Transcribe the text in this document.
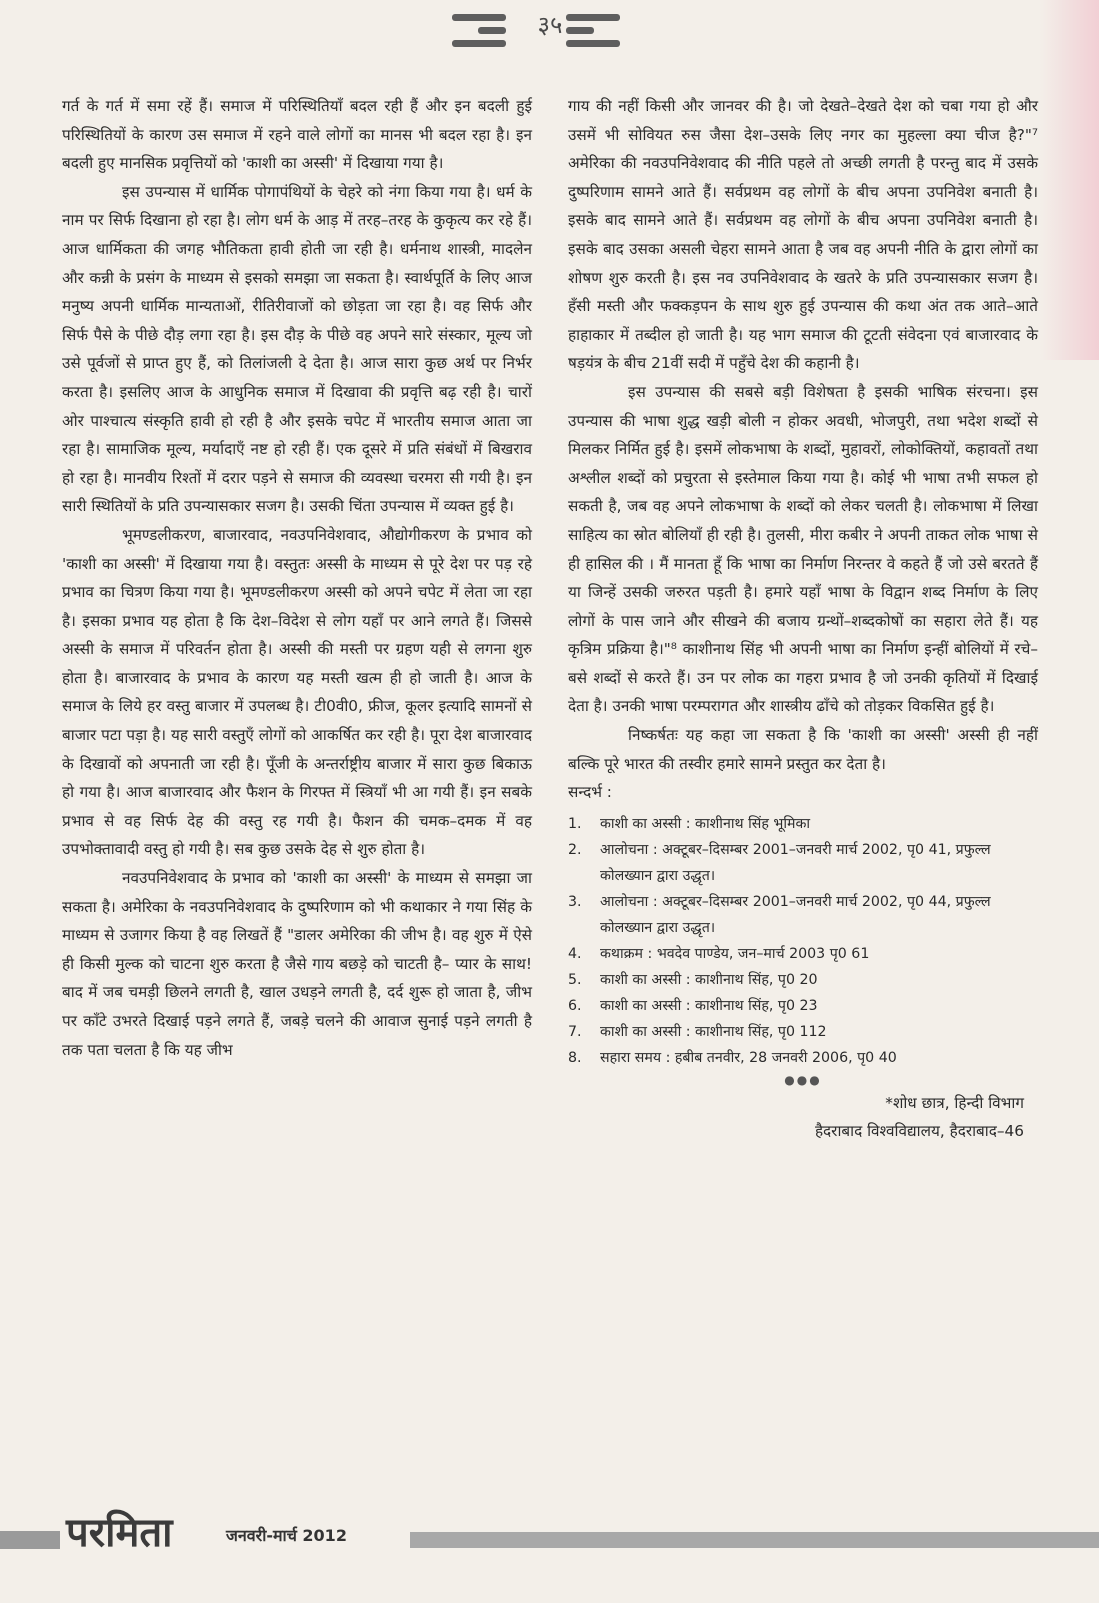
३५

गर्त के गर्त में समा रहें हैं। समाज में परिस्थितियाँ बदल रही हैं और इन बदली हुई परिस्थितियों के कारण उस समाज में रहने वाले लोगों का मानस भी बदल रहा है। इन बदली हुए मानसिक प्रवृत्तियों को 'काशी का अस्सी' में दिखाया गया है।

इस उपन्यास में धार्मिक पोगापंथियों के चेहरे को नंगा किया गया है। धर्म के नाम पर सिर्फ दिखाना हो रहा है। लोग धर्म के आड़ में तरह–तरह के कुकृत्य कर रहे हैं। आज धार्मिकता की जगह भौतिकता हावी होती जा रही है। धर्मनाथ शास्त्री, मादलेन और कन्नी के प्रसंग के माध्यम से इसको समझा जा सकता है। स्वार्थपूर्ति के लिए आज मनुष्य अपनी धार्मिक मान्यताओं, रीतिरीवाजों को छोड़ता जा रहा है। वह सिर्फ और सिर्फ पैसे के पीछे दौड़ लगा रहा है। इस दौड़ के पीछे वह अपने सारे संस्कार, मूल्य जो उसे पूर्वजों से प्राप्त हुए हैं, को तिलांजली दे देता है। आज सारा कुछ अर्थ पर निर्भर करता है। इसलिए आज के आधुनिक समाज में दिखावा की प्रवृत्ति बढ़ रही है। चारों ओर पाश्चात्य संस्कृति हावी हो रही है और इसके चपेट में भारतीय समाज आता जा रहा है। सामाजिक मूल्य, मर्यादाएँ नष्ट हो रही हैं। एक दूसरे में प्रति संबंधों में बिखराव हो रहा है। मानवीय रिश्तों में दरार पड़ने से समाज की व्यवस्था चरमरा सी गयी है। इन सारी स्थितियों के प्रति उपन्यासकार सजग है। उसकी चिंता उपन्यास में व्यक्त हुई है।

भूमण्डलीकरण, बाजारवाद, नवउपनिवेशवाद, औद्योगीकरण के प्रभाव को 'काशी का अस्सी' में दिखाया गया है। वस्तुतः अस्सी के माध्यम से पूरे देश पर पड़ रहे प्रभाव का चित्रण किया गया है। भूमण्डलीकरण अस्सी को अपने चपेट में लेता जा रहा है। इसका प्रभाव यह होता है कि देश–विदेश से लोग यहाँ पर आने लगते हैं। जिससे अस्सी के समाज में परिवर्तन होता है। अस्सी की मस्ती पर ग्रहण यही से लगना शुरु होता है। बाजारवाद के प्रभाव के कारण यह मस्ती खत्म ही हो जाती है। आज के समाज के लिये हर वस्तु बाजार में उपलब्ध है। टी0वी0, फ्रीज, कूलर इत्यादि सामनों से बाजार पटा पड़ा है। यह सारी वस्तुएँ लोगों को आकर्षित कर रही है। पूरा देश बाजारवाद के दिखावों को अपनाती जा रही है। पूँजी के अन्तर्राष्ट्रीय बाजार में सारा कुछ बिकाऊ हो गया है। आज बाजारवाद और फैशन के गिरफ्त में स्त्रियाँ भी आ गयी हैं। इन सबके प्रभाव से वह सिर्फ देह की वस्तु रह गयी है। फैशन की चमक–दमक में वह उपभोक्तावादी वस्तु हो गयी है। सब कुछ उसके देह से शुरु होता है।

नवउपनिवेशवाद के प्रभाव को 'काशी का अस्सी' के माध्यम से समझा जा सकता है। अमेरिका के नवउपनिवेशवाद के दुष्परिणाम को भी कथाकार ने गया सिंह के माध्यम से उजागर किया है वह लिखतें हैं "डालर अमेरिका की जीभ है। वह शुरु में ऐसे ही किसी मुल्क को चाटना शुरु करता है जैसे गाय बछड़े को चाटती है– प्यार के साथ! बाद में जब चमड़ी छिलने लगती है, खाल उधड़ने लगती है, दर्द शुरू हो जाता है, जीभ पर काँटे उभरते दिखाई पड़ने लगते हैं, जबड़े चलने की आवाज सुनाई पड़ने लगती है तक पता चलता है कि यह जीभ

गाय की नहीं किसी और जानवर की है। जो देखते–देखते देश को चबा गया हो और उसमें भी सोवियत रुस जैसा देश–उसके लिए नगर का मुहल्ला क्या चीज है?"⁷ अमेरिका की नवउपनिवेशवाद की नीति पहले तो अच्छी लगती है परन्तु बाद में उसके दुष्परिणाम सामने आते हैं। सर्वप्रथम वह लोगों के बीच अपना उपनिवेश बनाती है। इसके बाद सामने आते हैं। सर्वप्रथम वह लोगों के बीच अपना उपनिवेश बनाती है। इसके बाद उसका असली चेहरा सामने आता है जब वह अपनी नीति के द्वारा लोगों का शोषण शुरु करती है। इस नव उपनिवेशवाद के खतरे के प्रति उपन्यासकार सजग है। हँसी मस्ती और फक्कड़पन के साथ शुरु हुई उपन्यास की कथा अंत तक आते–आते हाहाकार में तब्दील हो जाती है। यह भाग समाज की टूटती संवेदना एवं बाजारवाद के षड़यंत्र के बीच 21वीं सदी में पहुँचे देश की कहानी है।

इस उपन्यास की सबसे बड़ी विशेषता है इसकी भाषिक संरचना। इस उपन्यास की भाषा शुद्ध खड़ी बोली न होकर अवधी, भोजपुरी, तथा भदेश शब्दों से मिलकर निर्मित हुई है। इसमें लोकभाषा के शब्दों, मुहावरों, लोकोक्तियों, कहावतों तथा अश्लील शब्दों को प्रचुरता से इस्तेमाल किया गया है। कोई भी भाषा तभी सफल हो सकती है, जब वह अपने लोकभाषा के शब्दों को लेकर चलती है। लोकभाषा में लिखा साहित्य का स्रोत बोलियाँ ही रही है। तुलसी, मीरा कबीर ने अपनी ताकत लोक भाषा से ही हासिल की । मैं मानता हूँ कि भाषा का निर्माण निरन्तर वे कहते हैं जो उसे बरतते हैं या जिन्हें उसकी जरुरत पड़ती है। हमारे यहाँ भाषा के विद्वान शब्द निर्माण के लिए लोगों के पास जाने और सीखने की बजाय ग्रन्थों–शब्दकोषों का सहारा लेते हैं। यह कृत्रिम प्रक्रिया है।"⁸ काशीनाथ सिंह भी अपनी भाषा का निर्माण इन्हीं बोलियों में रचे–बसे शब्दों से करते हैं। उन पर लोक का गहरा प्रभाव है जो उनकी कृतियों में दिखाई देता है। उनकी भाषा परम्परागत और शास्त्रीय ढाँचे को तोड़कर विकसित हुई है।

निष्कर्षतः यह कहा जा सकता है कि 'काशी का अस्सी' अस्सी ही नहीं बल्कि पूरे भारत की तस्वीर हमारे सामने प्रस्तुत कर देता है।

सन्दर्भ :

1.	काशी का अस्सी : काशीनाथ सिंह भूमिका
2.	आलोचना : अक्टूबर–दिसम्बर 2001–जनवरी मार्च 2002, पृ0 41, प्रफुल्ल कोलख्यान द्वारा उद्धृत।
3.	आलोचना : अक्टूबर–दिसम्बर 2001–जनवरी मार्च 2002, पृ0 44, प्रफुल्ल कोलख्यान द्वारा उद्धृत।
4.	कथाक्रम : भवदेव पाण्डेय, जन–मार्च 2003 पृ0 61
5.	काशी का अस्सी : काशीनाथ सिंह, पृ0 20
6.	काशी का अस्सी : काशीनाथ सिंह, पृ0 23
7.	काशी का अस्सी : काशीनाथ सिंह, पृ0 112
8.	सहारा समय : हबीब तनवीर, 28 जनवरी 2006, पृ0 40

●●●

*शोध छात्र, हिन्दी विभाग

हैदराबाद विश्वविद्यालय, हैदराबाद–46

परमिता	जनवरी-मार्च 2012
